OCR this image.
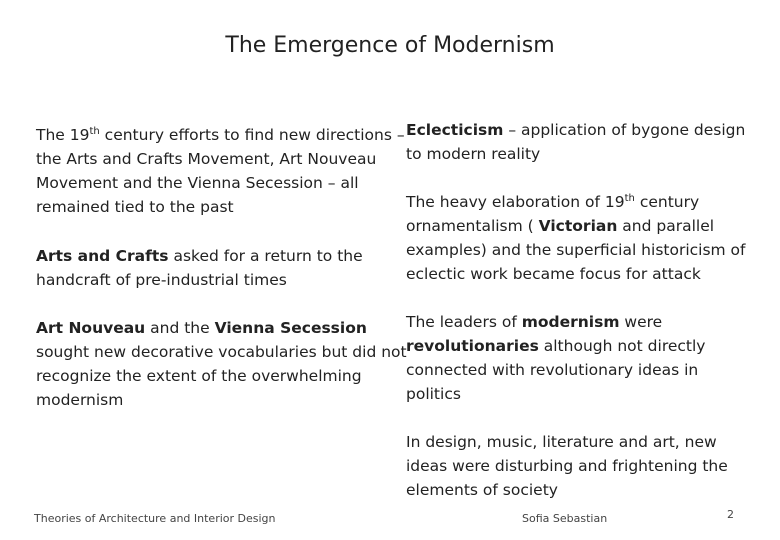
The Emergence of Modernism

The 19th century efforts to find new directions – the Arts and Crafts Movement, Art Nouveau Movement and the Vienna Secession – all remained tied to the past

Arts and Crafts asked for a return to the handcraft of pre-industrial times

Art Nouveau and the Vienna Secession sought new decorative vocabularies but did not recognize the extent of the overwhelming modernism

Eclecticism – application of bygone design to modern reality

The heavy elaboration of 19th century ornamentalism ( Victorian and parallel examples) and the superficial historicism of eclectic work became focus for attack

The leaders of modernism were revolutionaries although not directly connected with revolutionary ideas in politics

In design, music, literature and art, new ideas were disturbing and frightening the elements of society

Theories of Architecture and Interior Design	Sofia Sebastian	2
